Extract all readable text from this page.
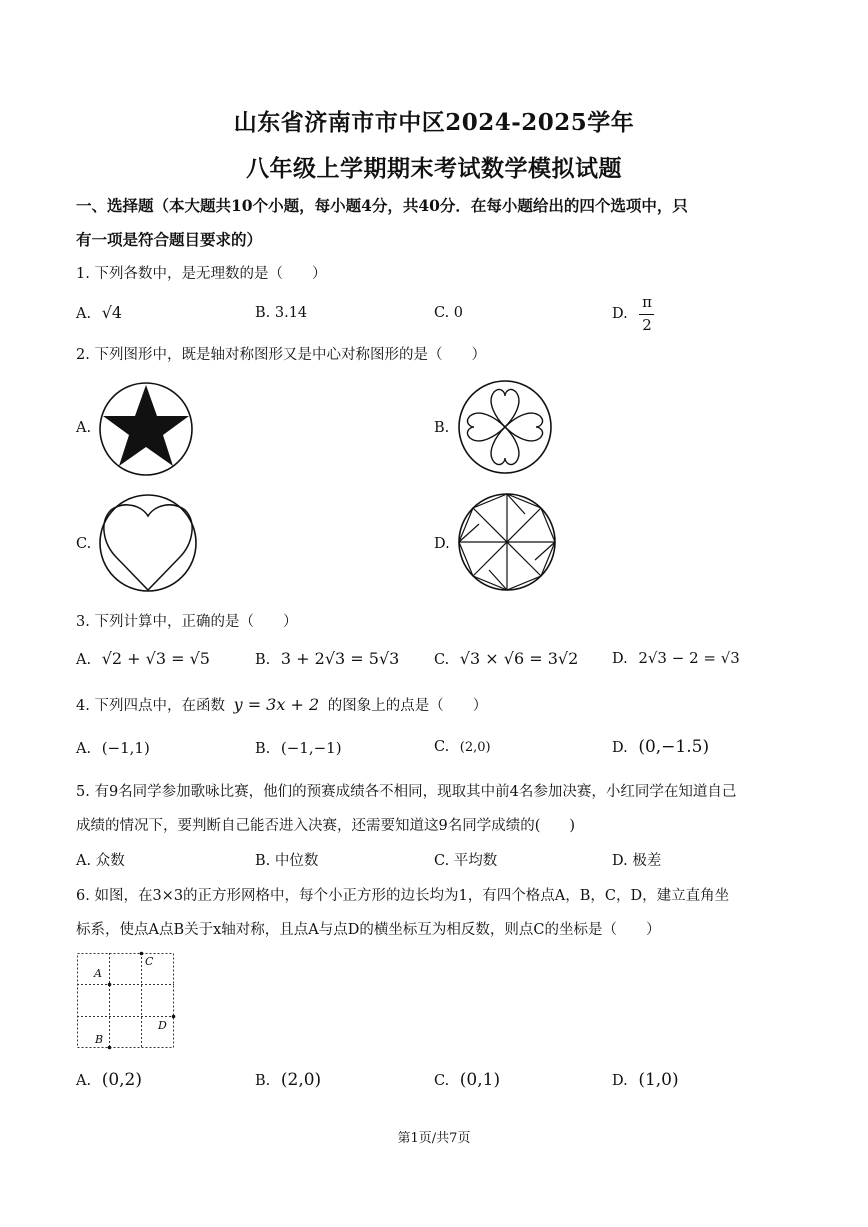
山东省济南市市中区2024-2025学年
八年级上学期期末考试数学模拟试题
一、选择题（本大题共10个小题，每小题4分，共40分．在每小题给出的四个选项中，只
有一项是符合题目要求的）
1. 下列各数中，是无理数的是（　　）
A. √4	B. 3.14	C. 0	D.
π
2
2. 下列图形中，既是轴对称图形又是中心对称图形的是（　　）
A.	B.
C.	D.
3. 下列计算中，正确的是（　　）
A. √2 + √3 = √5	B. 3 + 2√3 = 5√3 C. √3 × √6 = 3√2 D. 2√3 − 2 = √3
4. 下列四点中，在函数 y = 3x + 2 的图象上的点是（　　）
A. (−1,1)	B. (−1,−1)	C. (2,0)	D. (0,−1.5)
5. 有9名同学参加歌咏比赛，他们的预赛成绩各不相同，现取其中前4名参加决赛，小红同学在知道自己
成绩的情况下，要判断自己能否进入决赛，还需要知道这9名同学成绩的(　　)
A. 众数	B. 中位数	C. 平均数	D. 极差
6. 如图，在3×3的正方形网格中，每个小正方形的边长均为1，有四个格点A，B，C，D，建立直角坐
标系，使点A点B关于x轴对称，且点A与点D的横坐标互为相反数，则点C的坐标是（　　）
A
B
C
D
A. (0,2)	B. (2,0)	C. (0,1)	D. (1,0)
第1页/共7页
